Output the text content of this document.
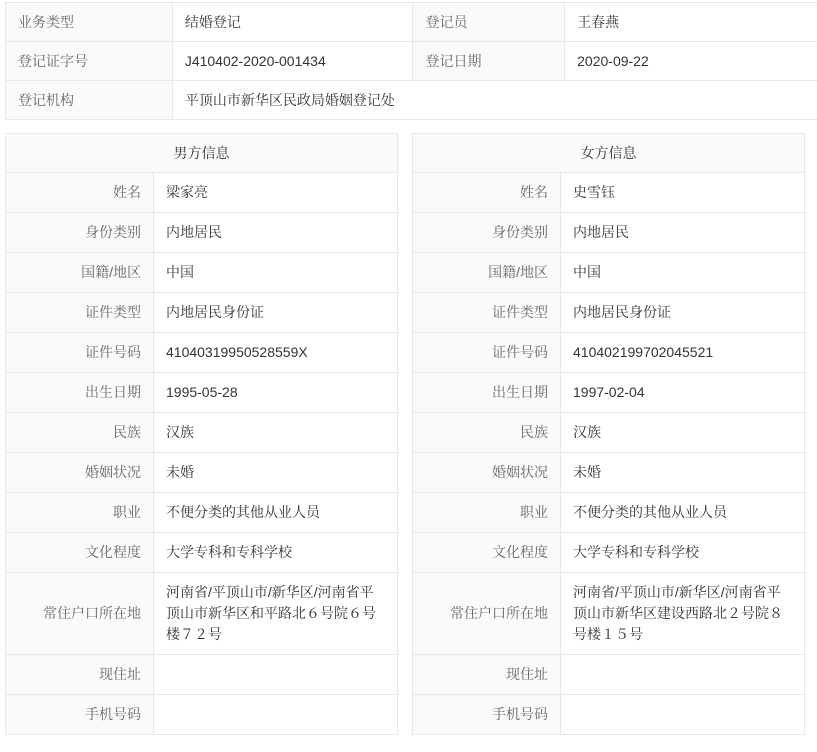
业务类型	结婚登记	登记员	王春燕
登记证字号	J410402-2020-001434	登记日期	2020-09-22
登记机构	平顶山市新华区民政局婚姻登记处		
男方信息	
姓名	梁家亮
身份类别	内地居民
国籍/地区	中国
证件类型	内地居民身份证
证件号码	41040319950528559X
出生日期	1995-05-28
民族	汉族
婚姻状况	未婚
职业	不便分类的其他从业人员
文化程度	大学专科和专科学校
常住户口所在地	河南省/平顶山市/新华区/河南省平顶山市新华区和平路北６号院６号楼７２号
现住址	
手机号码	
女方信息	
姓名	史雪钰
身份类别	内地居民
国籍/地区	中国
证件类型	内地居民身份证
证件号码	410402199702045521
出生日期	1997-02-04
民族	汉族
婚姻状况	未婚
职业	不便分类的其他从业人员
文化程度	大学专科和专科学校
常住户口所在地	河南省/平顶山市/新华区/河南省平顶山市新华区建设西路北２号院８号楼１５号
现住址	
手机号码	
